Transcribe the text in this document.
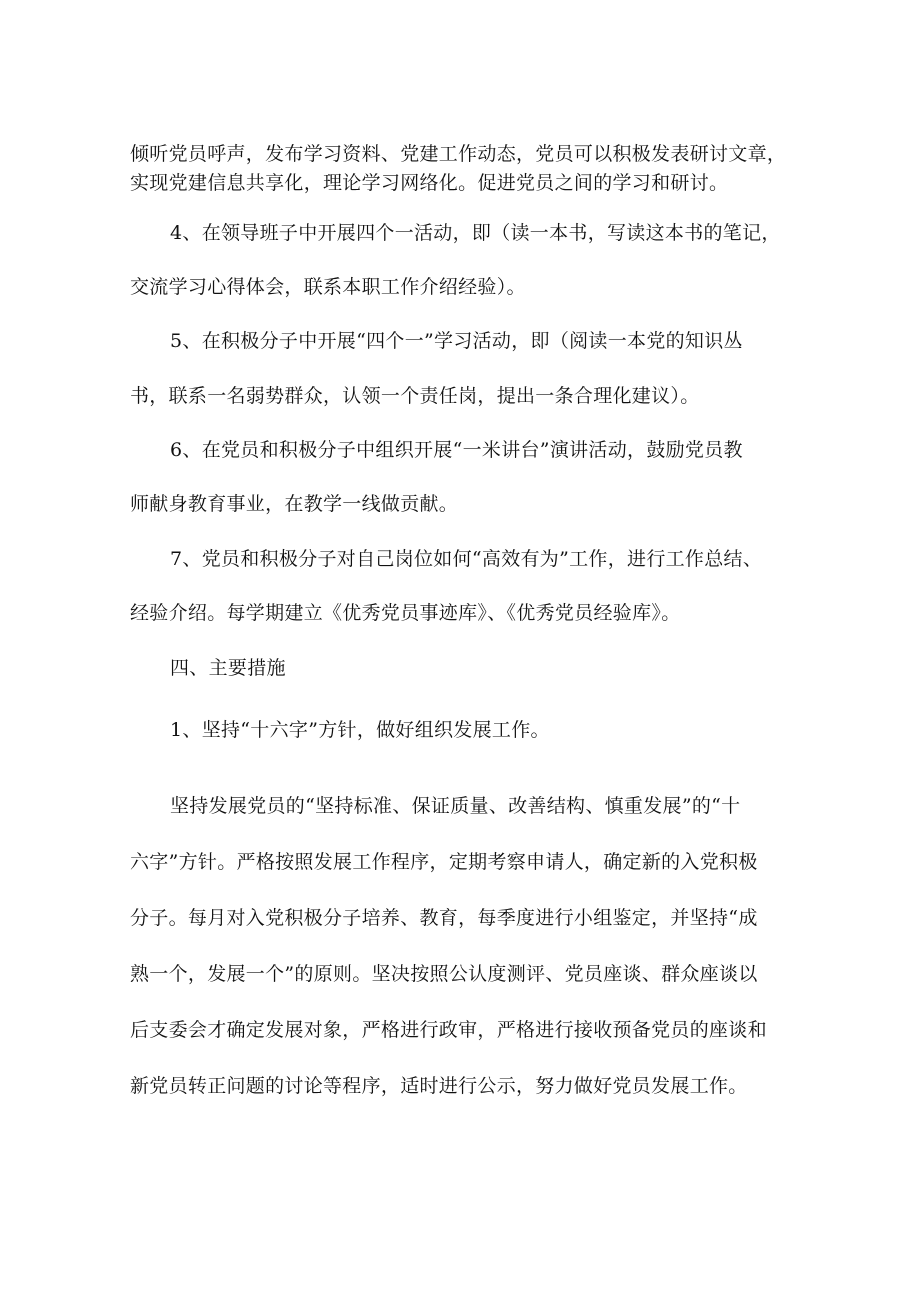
倾听党员呼声，发布学习资料、党建工作动态，党员可以积极发表研讨文章，
实现党建信息共享化，理论学习网络化。促进党员之间的学习和研讨。
4、在领导班子中开展四个一活动，即（读一本书，写读这本书的笔记，
交流学习心得体会，联系本职工作介绍经验）。
5、在积极分子中开展“四个一”学习活动，即（阅读一本党的知识丛
书，联系一名弱势群众，认领一个责任岗，提出一条合理化建议）。
6、在党员和积极分子中组织开展“一米讲台”演讲活动，鼓励党员教
师献身教育事业，在教学一线做贡献。
7、党员和积极分子对自己岗位如何“高效有为”工作，进行工作总结、
经验介绍。每学期建立《优秀党员事迹库》、《优秀党员经验库》。
四、主要措施
1、坚持“十六字”方针，做好组织发展工作。
坚持发展党员的“坚持标准、保证质量、改善结构、慎重发展”的“十
六字”方针。严格按照发展工作程序，定期考察申请人，确定新的入党积极
分子。每月对入党积极分子培养、教育，每季度进行小组鉴定，并坚持“成
熟一个，发展一个”的原则。坚决按照公认度测评、党员座谈、群众座谈以
后支委会才确定发展对象，严格进行政审，严格进行接收预备党员的座谈和
新党员转正问题的讨论等程序，适时进行公示，努力做好党员发展工作。
